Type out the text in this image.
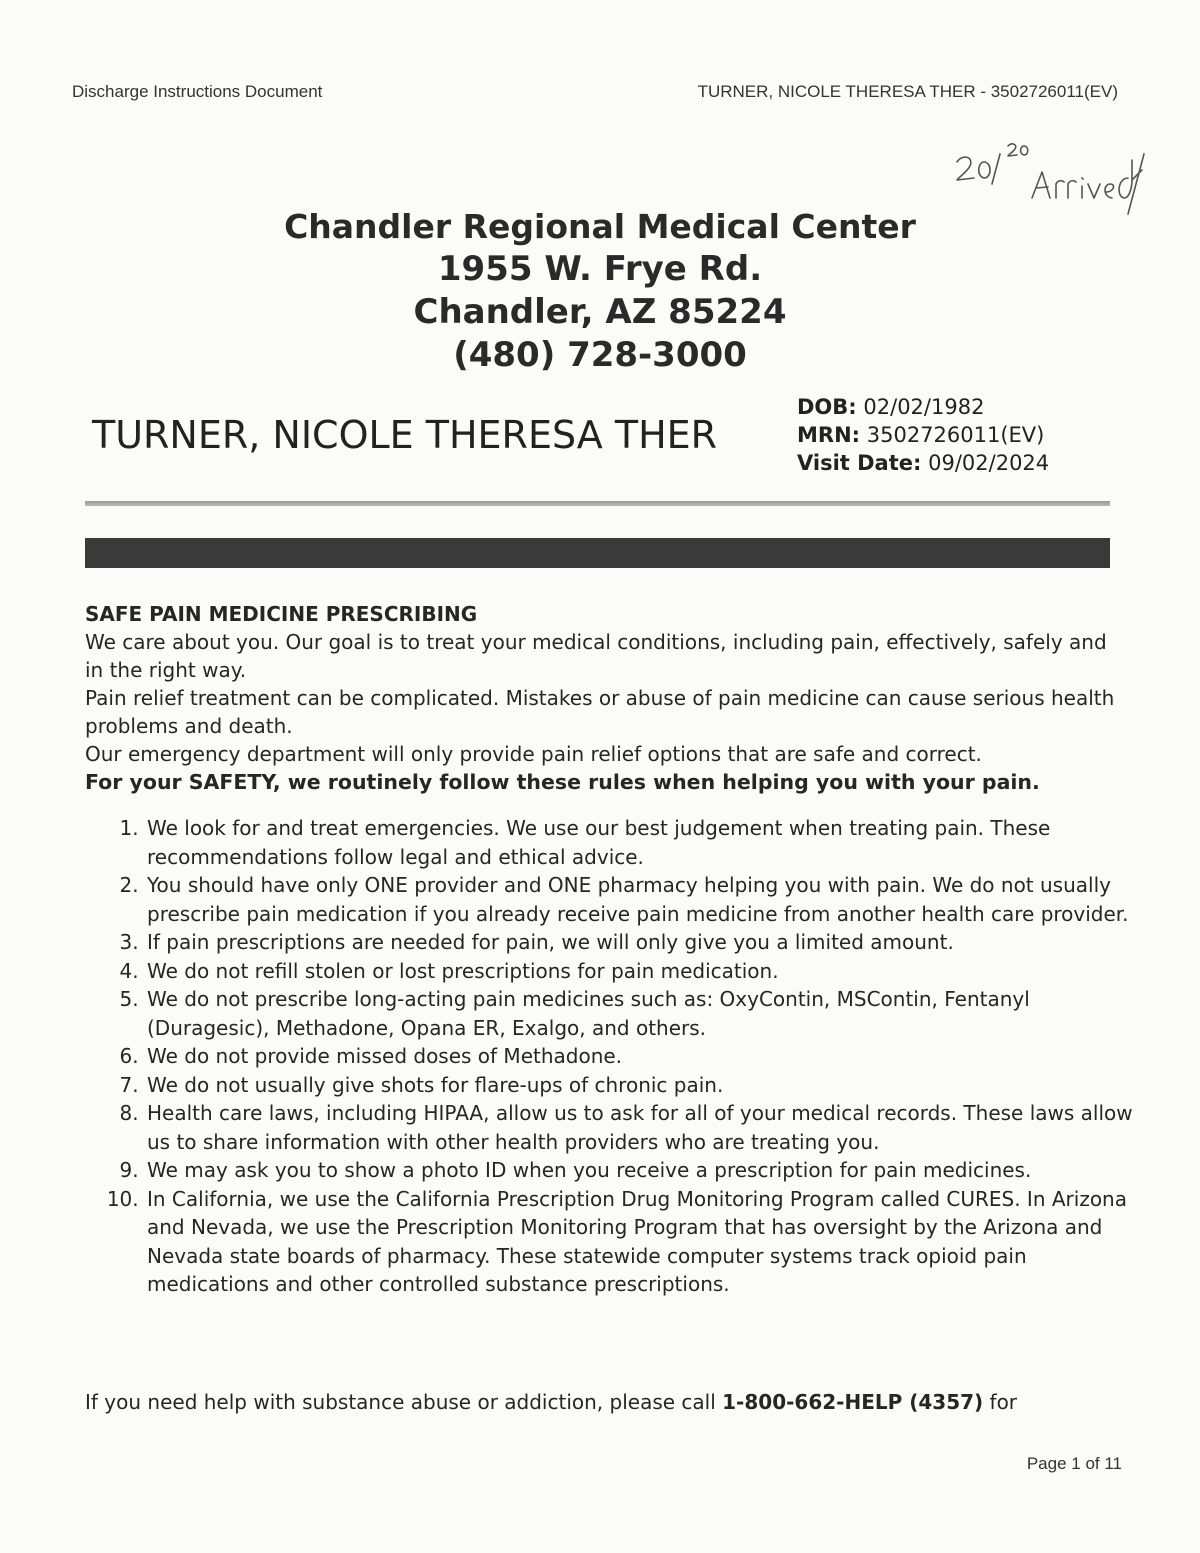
Discharge Instructions Document	TURNER, NICOLE THERESA THER - 3502726011(EV)
Chandler Regional Medical Center
1955 W. Frye Rd.
Chandler, AZ 85224
(480) 728-3000
TURNER, NICOLE THERESA THER
DOB: 02/02/1982
MRN: 3502726011(EV)
Visit Date: 09/02/2024

SAFE PAIN MEDICINE PRESCRIBING

We care about you. Our goal is to treat your medical conditions, including pain, effectively, safely and in the right way.

Pain relief treatment can be complicated. Mistakes or abuse of pain medicine can cause serious health problems and death.

Our emergency department will only provide pain relief options that are safe and correct.

For your SAFETY, we routinely follow these rules when helping you with your pain.

1. We look for and treat emergencies. We use our best judgement when treating pain. These recommendations follow legal and ethical advice.
2. You should have only ONE provider and ONE pharmacy helping you with pain. We do not usually prescribe pain medication if you already receive pain medicine from another health care provider.
3. If pain prescriptions are needed for pain, we will only give you a limited amount.
4. We do not refill stolen or lost prescriptions for pain medication.
5. We do not prescribe long-acting pain medicines such as: OxyContin, MSContin, Fentanyl (Duragesic), Methadone, Opana ER, Exalgo, and others.
6. We do not provide missed doses of Methadone.
7. We do not usually give shots for flare-ups of chronic pain.
8. Health care laws, including HIPAA, allow us to ask for all of your medical records. These laws allow us to share information with other health providers who are treating you.
9. We may ask you to show a photo ID when you receive a prescription for pain medicines.
10. In California, we use the California Prescription Drug Monitoring Program called CURES. In Arizona and Nevada, we use the Prescription Monitoring Program that has oversight by the Arizona and Nevada state boards of pharmacy. These statewide computer systems track opioid pain medications and other controlled substance prescriptions.
If you need help with substance abuse or addiction, please call 1-800-662-HELP (4357) for
Page 1 of 11
